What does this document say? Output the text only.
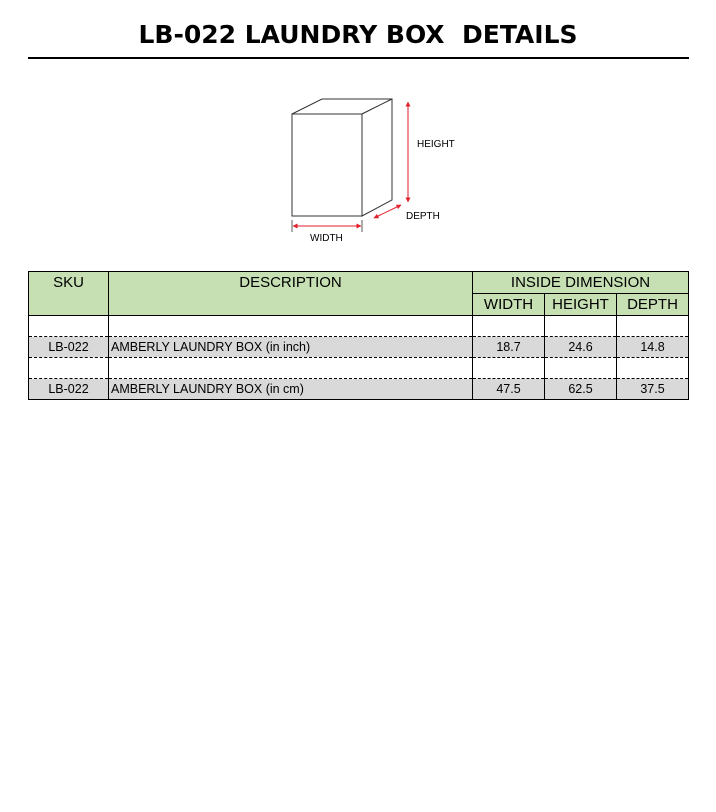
LB-022 LAUNDRY BOX  DETAILS
HEIGHT
DEPTH
WIDTH
SKU	DESCRIPTION	INSIDE DIMENSION		
		WIDTH	HEIGHT	DEPTH

LB-022	AMBERLY LAUNDRY BOX (in inch)	18.7	24.6	14.8

LB-022	AMBERLY LAUNDRY BOX (in cm)	47.5	62.5	37.5
